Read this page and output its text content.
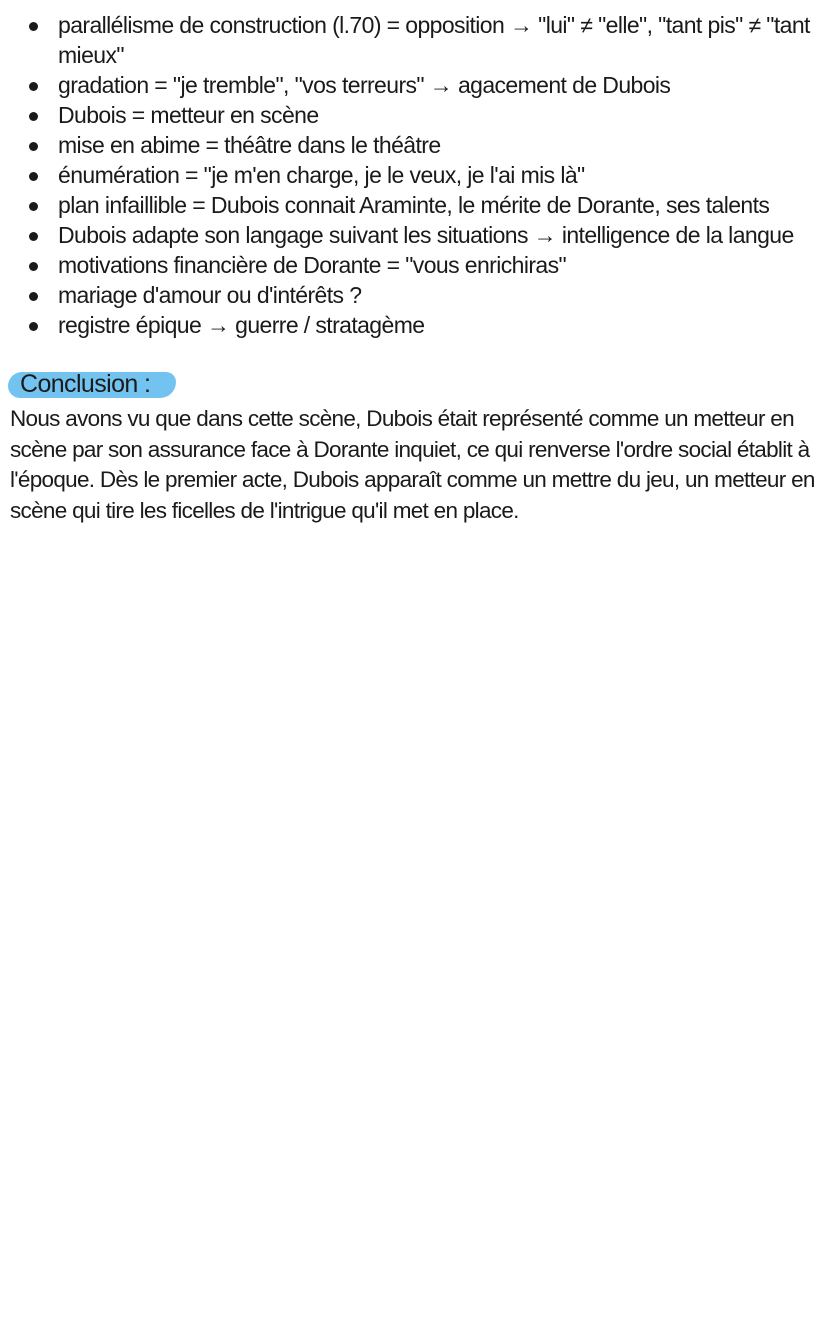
parallélisme de construction (l.70) = opposition → "lui" ≠ "elle", "tant pis" ≠ "tant mieux"
gradation = "je tremble", "vos terreurs" → agacement de Dubois
Dubois = metteur en scène
mise en abime = théâtre dans le théâtre
énumération = "je m'en charge, je le veux, je l'ai mis là"
plan infaillible = Dubois connait Araminte, le mérite de Dorante, ses talents
Dubois adapte son langage suivant les situations → intelligence de la langue
motivations financière de Dorante = "vous enrichiras"
mariage d'amour ou d'intérêts ?
registre épique → guerre / stratagème
Conclusion :

Nous avons vu que dans cette scène, Dubois était représenté comme un metteur en scène par son assurance face à Dorante inquiet, ce qui renverse l'ordre social établit à l'époque. Dès le premier acte, Dubois apparaît comme un mettre du jeu, un metteur en scène qui tire les ficelles de l'intrigue qu'il met en place.
